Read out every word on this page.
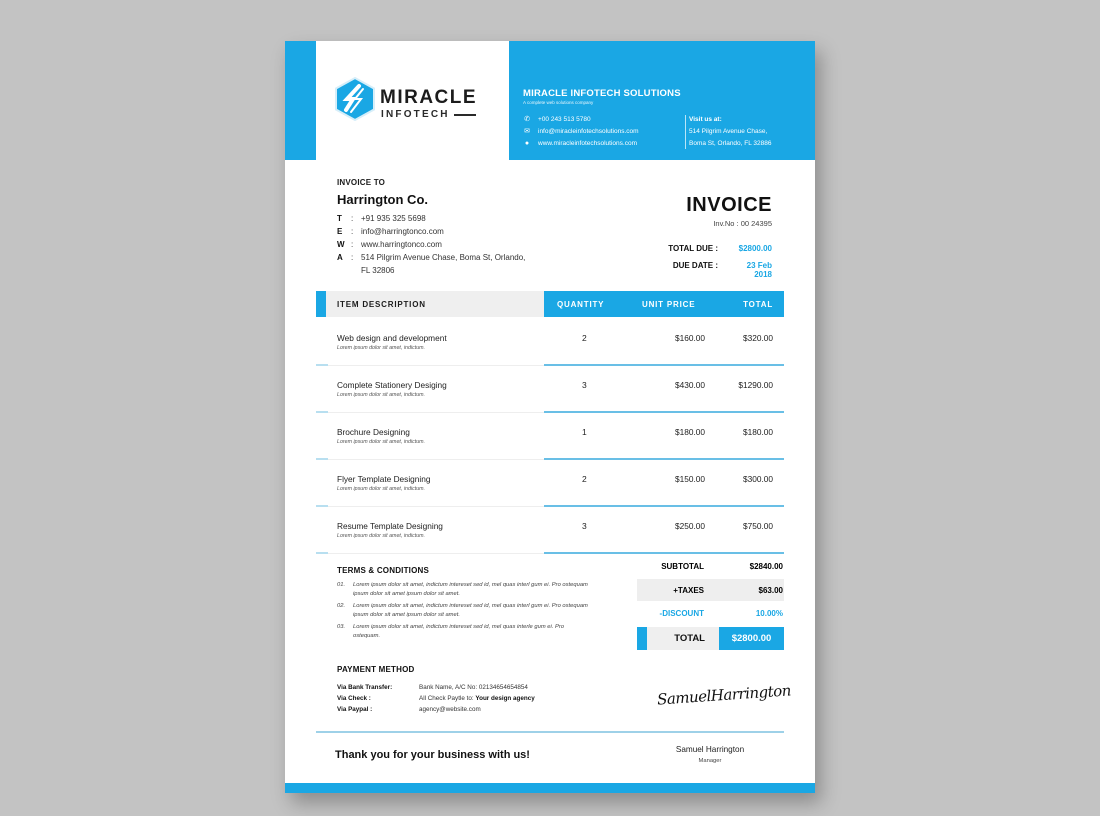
MIRACLE
INFOTECH
MIRACLE INFOTECH SOLUTIONS
A complete web solutions company
✆ +00 243 513 5780
✉ info@miracleinfotechsolutions.com
● www.miracleinfotechsolutions.com
Visit us at:
514 Pilgrim Avenue Chase,
Boma St, Orlando, FL 32886
INVOICE TO
Harrington Co.
T	: +91 935 325 5698
E	: info@harringtonco.com
W : www.harringtonco.com
A	: 514 Pilgrim Avenue Chase, Boma St, Orlando, FL 32806
INVOICE
Inv.No : 00 24395
TOTAL DUE :	$2800.00
DUE DATE :	23 Feb 2018
ITEM DESCRIPTION	QUANTITY	UNIT PRICE	TOTAL
Web design and development
Lorem ipsum dolor sit amet, indictum.
2	$160.00	$320.00
Complete Stationery Desiging
Lorem ipsum dolor sit amet, indictum.
3	$430.00	$1290.00
Brochure Designing
Lorem ipsum dolor sit amet, indictum.
1	$180.00	$180.00
Flyer Template Designing
Lorem ipsum dolor sit amet, indictum.
2	$150.00	$300.00
Resume Template Designing
Lorem ipsum dolor sit amet, indictum.
3	$250.00	$750.00
TERMS & CONDITIONS
01.	Lorem ipsum dolor sit amet, indictum intereset sed id, mel quas interl gum ei. Pro ostequam ipsum dolor sit amet ipsum dolor sit amet.
02.	Lorem ipsum dolor sit amet, indictum intereset sed id, mel quas interl gum ei. Pro ostequam ipsum dolor sit amet ipsum dolor sit amet.
03.	Lorem ipsum dolor sit amet, indictum intereset sed id, mel quas interle gum ei. Pro ostequam.
SUBTOTAL	$2840.00
+TAXES	$63.00
-DISCOUNT	10.00%
TOTAL	$2800.00
PAYMENT METHOD
Via Bank Transfer:	Bank Name, A/C No: 02134654654854
Via Check :	All Check Paytle to: Your design agency
Via Paypal :	agency@website.com
SamuelHarrington
Thank you for your business with us!	Samuel Harrington
Manager
